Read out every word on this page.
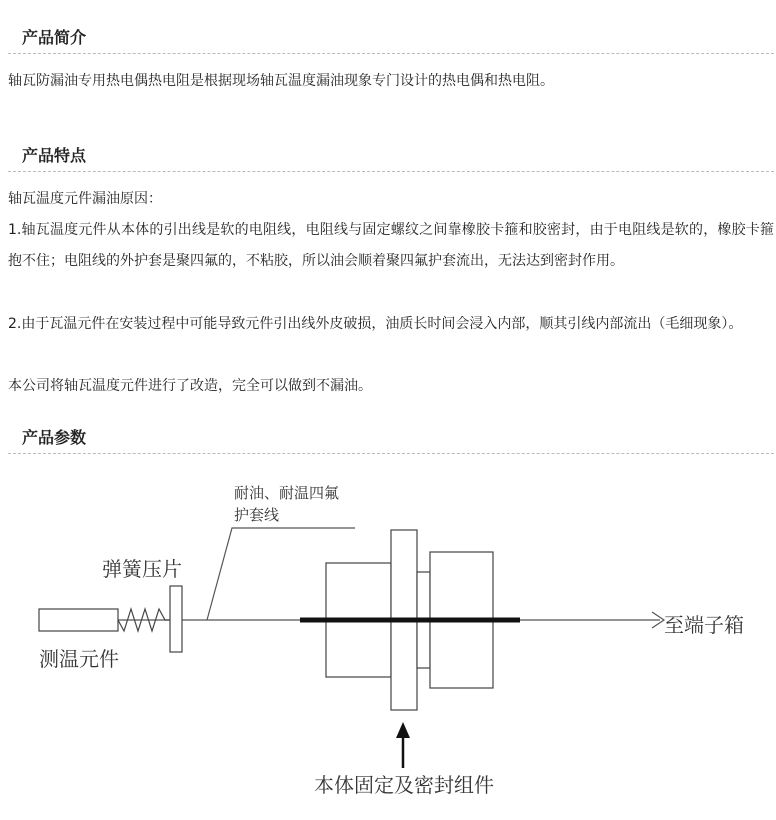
产品简介

轴瓦防漏油专用热电偶热电阻是根据现场轴瓦温度漏油现象专门设计的热电偶和热电阻。

产品特点

轴瓦温度元件漏油原因：

1.轴瓦温度元件从本体的引出线是软的电阻线，电阻线与固定螺纹之间靠橡胶卡箍和胶密封，由于电阻线是软的，橡胶卡箍抱不住；电阻线的外护套是聚四氟的，不粘胶，所以油会顺着聚四氟护套流出，无法达到密封作用。

2.由于瓦温元件在安装过程中可能导致元件引出线外皮破损，油质长时间会浸入内部，顺其引线内部流出（毛细现象）。

本公司将轴瓦温度元件进行了改造，完全可以做到不漏油。

产品参数
耐油、耐温四氟
护套线
弹簧压片
测温元件
至端子箱
本体固定及密封组件
